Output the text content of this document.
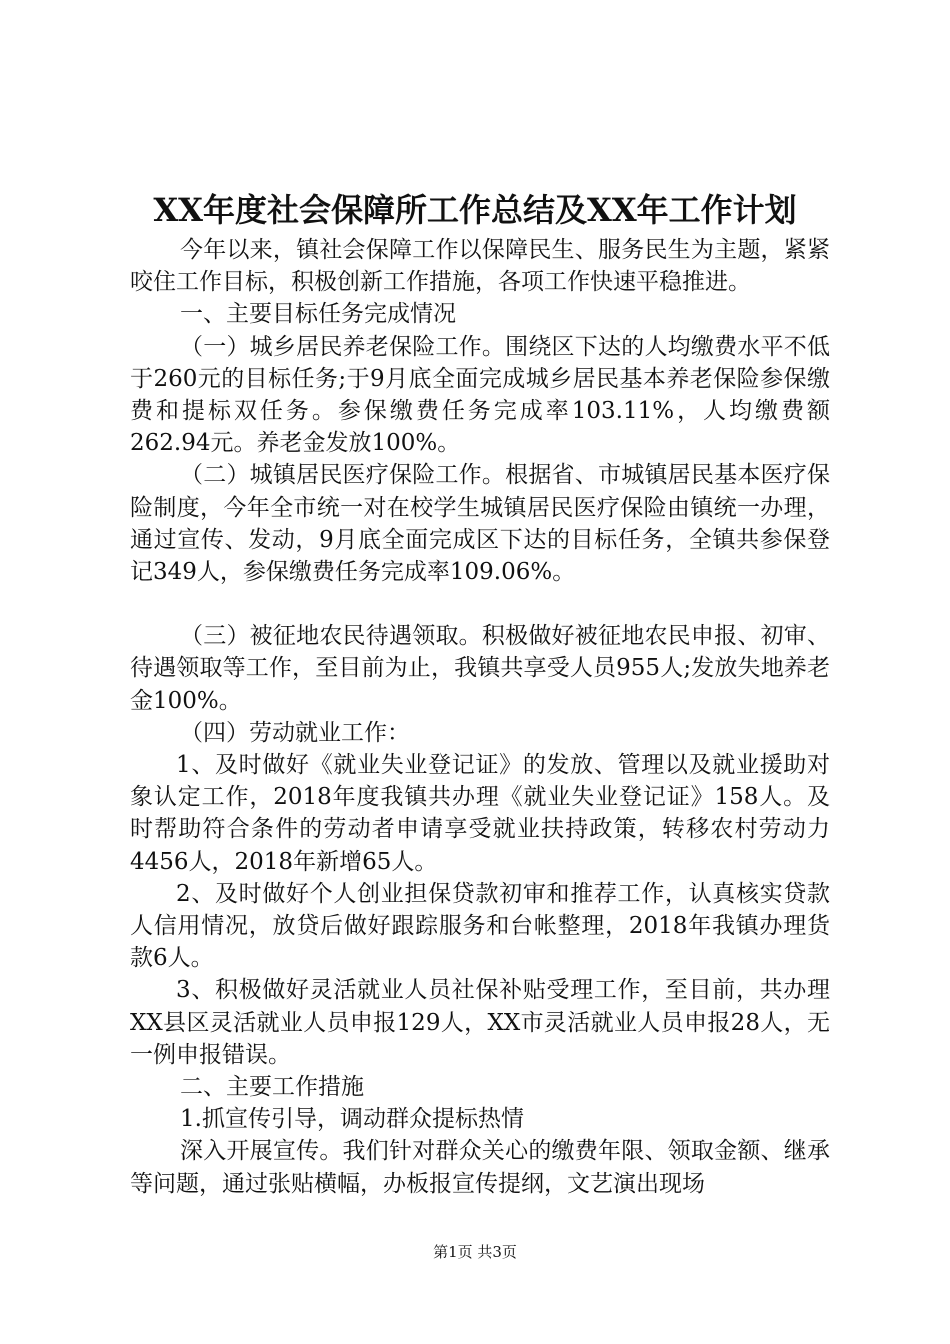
XX年度社会保障所工作总结及XX年工作计划

今年以来，镇社会保障工作以保障民生、服务民生为主题，紧紧咬住工作目标，积极创新工作措施，各项工作快速平稳推进。

一、主要目标任务完成情况

（一）城乡居民养老保险工作。围绕区下达的人均缴费水平不低于260元的目标任务;于9月底全面完成城乡居民基本养老保险参保缴费和提标双任务。参保缴费任务完成率103.11%，人均缴费额262.94元。养老金发放100%。

（二）城镇居民医疗保险工作。根据省、市城镇居民基本医疗保险制度，今年全市统一对在校学生城镇居民医疗保险由镇统一办理，通过宣传、发动，9月底全面完成区下达的目标任务，全镇共参保登记349人，参保缴费任务完成率109.06%。

（三）被征地农民待遇领取。积极做好被征地农民申报、初审、待遇领取等工作，至目前为止，我镇共享受人员955人;发放失地养老金100%。

（四）劳动就业工作：

1、及时做好《就业失业登记证》的发放、管理以及就业援助对象认定工作，2018年度我镇共办理《就业失业登记证》158人。及时帮助符合条件的劳动者申请享受就业扶持政策，转移农村劳动力4456人，2018年新增65人。

2、及时做好个人创业担保贷款初审和推荐工作，认真核实贷款人信用情况，放贷后做好跟踪服务和台帐整理，2018年我镇办理货款6人。

3、积极做好灵活就业人员社保补贴受理工作，至目前，共办理XX县区灵活就业人员申报129人，XX市灵活就业人员申报28人，无一例申报错误。

二、主要工作措施

1.抓宣传引导，调动群众提标热情

深入开展宣传。我们针对群众关心的缴费年限、领取金额、继承等问题，通过张贴横幅，办板报宣传提纲，文艺演出现场

第1页 共3页
